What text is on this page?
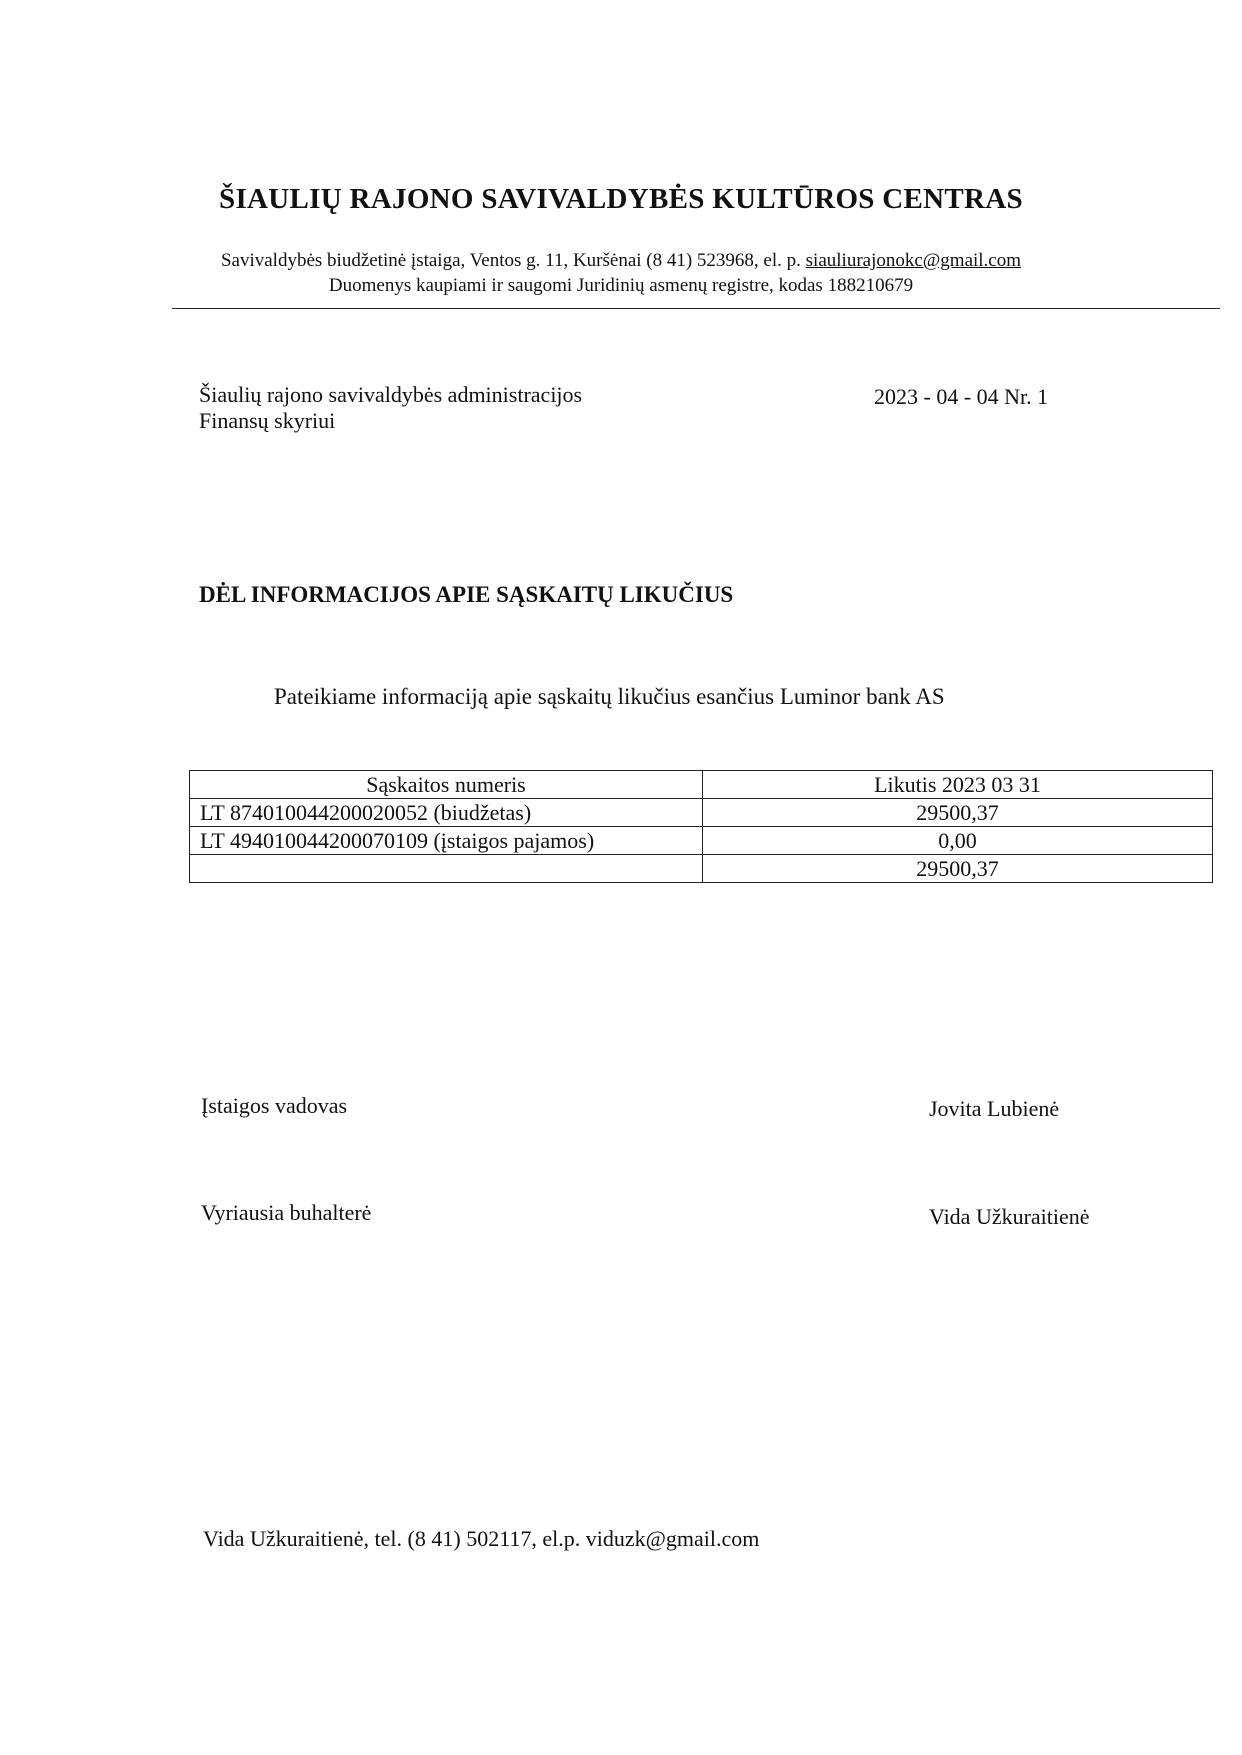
ŠIAULIŲ RAJONO SAVIVALDYBĖS KULTŪROS CENTRAS
Savivaldybės biudžetinė įstaiga, Ventos g. 11, Kuršėnai (8 41) 523968, el. p. siauliurajonokc@gmail.com
Duomenys kaupiami ir saugomi Juridinių asmenų registre, kodas 188210679
Šiaulių rajono savivaldybės administracijos
Finansų skyriui
2023 - 04 - 04 Nr. 1
DĖL INFORMACIJOS APIE SĄSKAITŲ LIKUČIUS
Pateikiame informaciją apie sąskaitų likučius esančius Luminor bank AS
Sąskaitos numeris	Likutis 2023 03 31
LT 874010044200020052 (biudžetas)	29500,37
LT 494010044200070109 (įstaigos pajamos)	0,00
	29500,37
Įstaigos vadovas	Jovita Lubienė
Vyriausia buhalterė	Vida Užkuraitienė
Vida Užkuraitienė, tel. (8 41) 502117, el.p. viduzk@gmail.com
